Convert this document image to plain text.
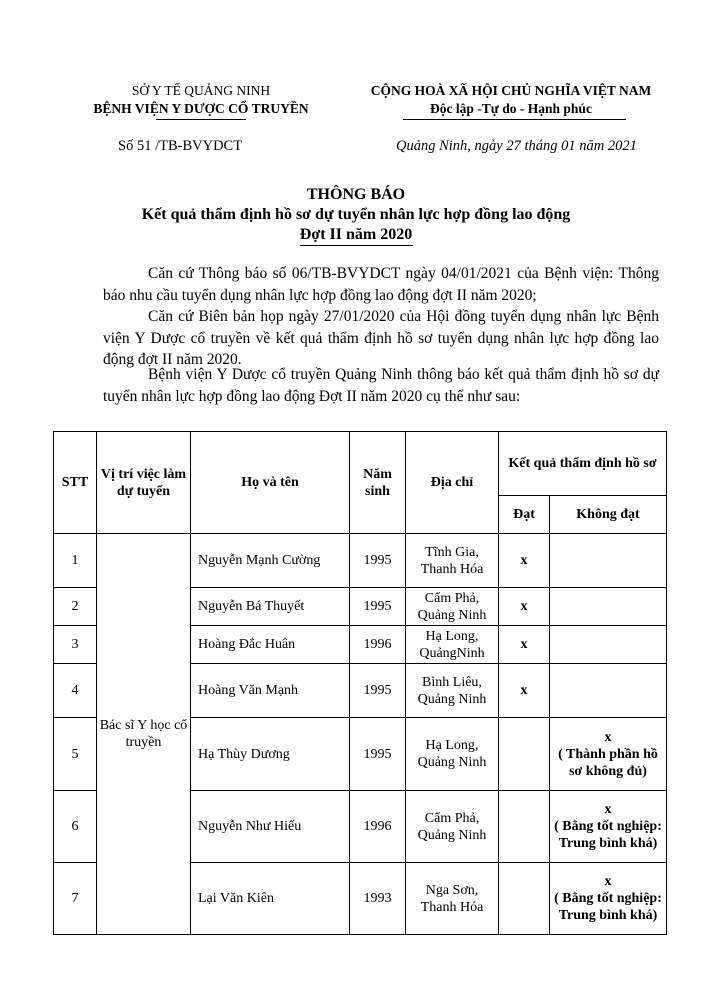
SỞ Y TẾ QUẢNG NINH
BỆNH VIỆN Y DƯỢC CỔ TRUYỀN
Số 51 /TB-BVYDCT
CỘNG HOÀ XÃ HỘI CHỦ NGHĨA VIỆT NAM
Độc lập -Tự do - Hạnh phúc
Quảng Ninh, ngày 27 tháng 01 năm 2021
THÔNG BÁO
Kết quả thẩm định hồ sơ dự tuyển nhân lực hợp đồng lao động
Đợt II năm 2020
Căn cứ Thông báo số 06/TB-BVYDCT ngày 04/01/2021 của Bệnh viện: Thông báo nhu cầu tuyển dụng nhân lực hợp đồng lao động đợt II năm 2020;
Căn cứ Biên bản họp ngày 27/01/2020 của Hội đồng tuyển dụng nhân lực Bệnh viện Y Dược cổ truyền về kết quả thẩm định hồ sơ tuyển dụng nhân lực hợp đồng lao động đợt II năm 2020.
Bệnh viện Y Dược cổ truyền Quảng Ninh thông báo kết quả thẩm định hồ sơ dự tuyển nhân lực hợp đồng lao động Đợt II năm 2020 cụ thể như sau:
STT	Vị trí việc làm dự tuyển	Họ và tên	Năm sinh	Địa chỉ	Kết quả thẩm định hồ sơ	
					Đạt	Không đạt
1	Bác sĩ Y học cổ truyền	Nguyễn Mạnh Cường	1995	Tĩnh Gia, Thanh Hóa	x	

2		Nguyễn Bá Thuyết	1995	Cẩm Phả, Quảng Ninh	x	

3		Hoàng Đắc Huân	1996	Hạ Long, QuảngNinh	x	

4		Hoàng Văn Mạnh	1995	Bình Liêu, Quảng Ninh	x	

5		Hạ Thùy Dương	1995	Hạ Long, Quảng Ninh		x
( Thành phần hồ sơ không đủ)

6		Nguyễn Như Hiếu	1996	Cẩm Phả, Quảng Ninh		x
( Bằng tốt nghiệp: Trung bình khá)

7		Lại Văn Kiên	1993	Nga Sơn, Thanh Hóa		x
( Bằng tốt nghiệp: Trung bình khá)
